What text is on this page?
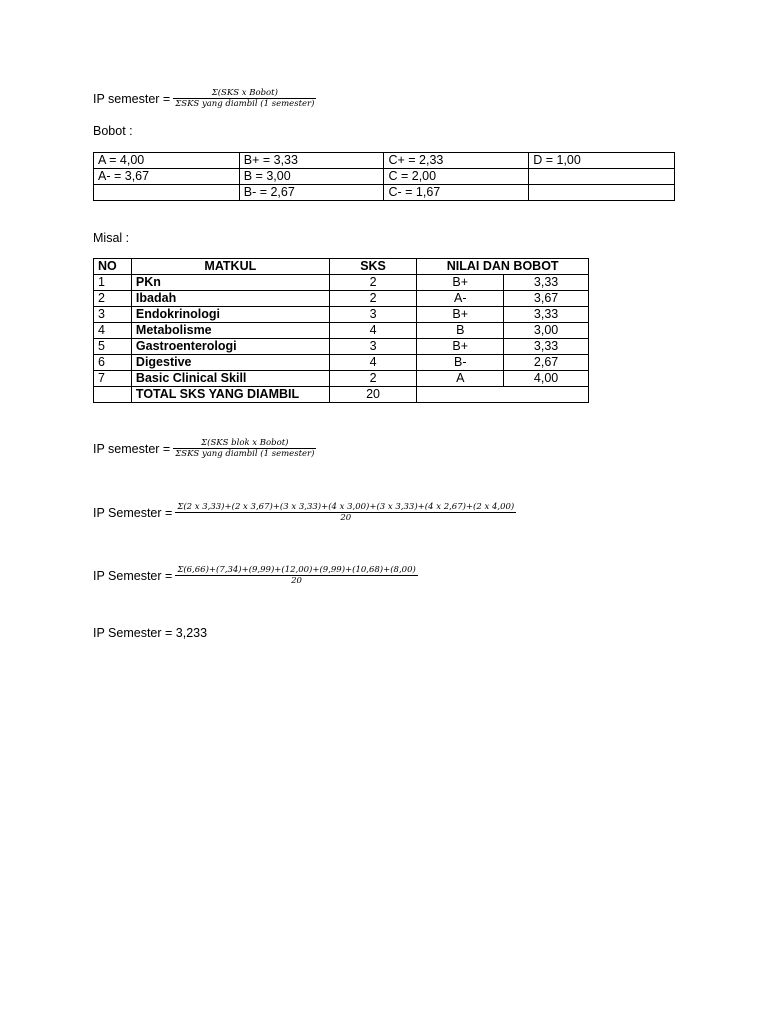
IP semester = $\frac{\text{Σ(SKS x Bobot)}}{\text{ΣSKS yang diambil (1 semester)}}$
Bobot :
A = 4,00	B+ = 3,33	C+ = 2,33	D = 1,00
A- = 3,67	B = 3,00	C = 2,00	
	B- = 2,67	C- = 1,67	
Misal :
NO	MATKUL	SKS	NILAI DAN BOBOT	
1	PKn	2	B+	3,33
2	Ibadah	2	A-	3,67
3	Endokrinologi	3	B+	3,33
4	Metabolisme	4	B	3,00
5	Gastroenterologi	3	B+	3,33
6	Digestive	4	B-	2,67
7	Basic Clinical Skill	2	A	4,00
	TOTAL SKS YANG DIAMBIL	20		
IP semester = $\frac{\text{Σ(SKS blok x Bobot)}}{\text{ΣSKS yang diambil (1 semester)}}$
IP Semester = Σ(2 x 3,33)+(2 x 3,67)+(3 x 3,33)+(4 x 3,00)+(3 x 3,33)+(4 x 2,67)+(2 x 4,00)
20
IP Semester = $\frac{\Sigma(6,66)+(7,34)+(9,99)+(12,00)+(9,99)+(10,68)+(8,00)}{20}$
IP Semester = 3,233
